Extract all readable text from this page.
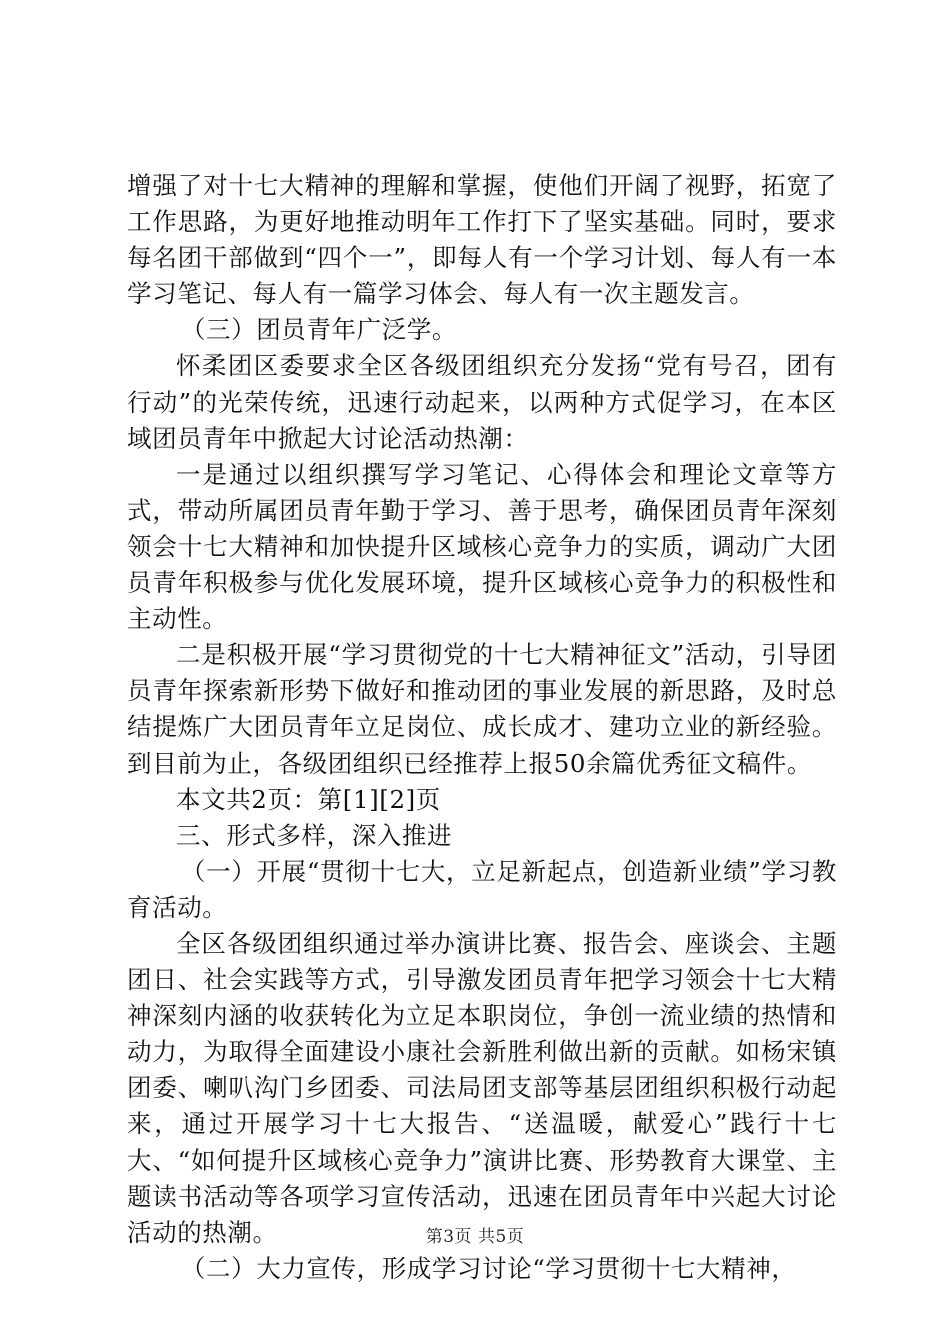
增强了对十七大精神的理解和掌握，使他们开阔了视野，拓宽了工作思路，为更好地推动明年工作打下了坚实基础。同时，要求每名团干部做到“四个一”，即每人有一个学习计划、每人有一本学习笔记、每人有一篇学习体会、每人有一次主题发言。

（三）团员青年广泛学。

怀柔团区委要求全区各级团组织充分发扬“党有号召，团有行动”的光荣传统，迅速行动起来，以两种方式促学习，在本区域团员青年中掀起大讨论活动热潮：

一是通过以组织撰写学习笔记、心得体会和理论文章等方式，带动所属团员青年勤于学习、善于思考，确保团员青年深刻领会十七大精神和加快提升区域核心竞争力的实质，调动广大团员青年积极参与优化发展环境，提升区域核心竞争力的积极性和主动性。

二是积极开展“学习贯彻党的十七大精神征文”活动，引导团员青年探索新形势下做好和推动团的事业发展的新思路，及时总结提炼广大团员青年立足岗位、成长成才、建功立业的新经验。到目前为止，各级团组织已经推荐上报50余篇优秀征文稿件。

本文共2页：第[1][2]页

三、形式多样，深入推进

（一）开展“贯彻十七大，立足新起点，创造新业绩”学习教育活动。

全区各级团组织通过举办演讲比赛、报告会、座谈会、主题团日、社会实践等方式，引导激发团员青年把学习领会十七大精神深刻内涵的收获转化为立足本职岗位，争创一流业绩的热情和动力，为取得全面建设小康社会新胜利做出新的贡献。如杨宋镇团委、喇叭沟门乡团委、司法局团支部等基层团组织积极行动起来，通过开展学习十七大报告、“送温暖，献爱心”践行十七大、“如何提升区域核心竞争力”演讲比赛、形势教育大课堂、主题读书活动等各项学习宣传活动，迅速在团员青年中兴起大讨论活动的热潮。

（二）大力宣传，形成学习讨论“学习贯彻十七大精神，

第3页 共5页
